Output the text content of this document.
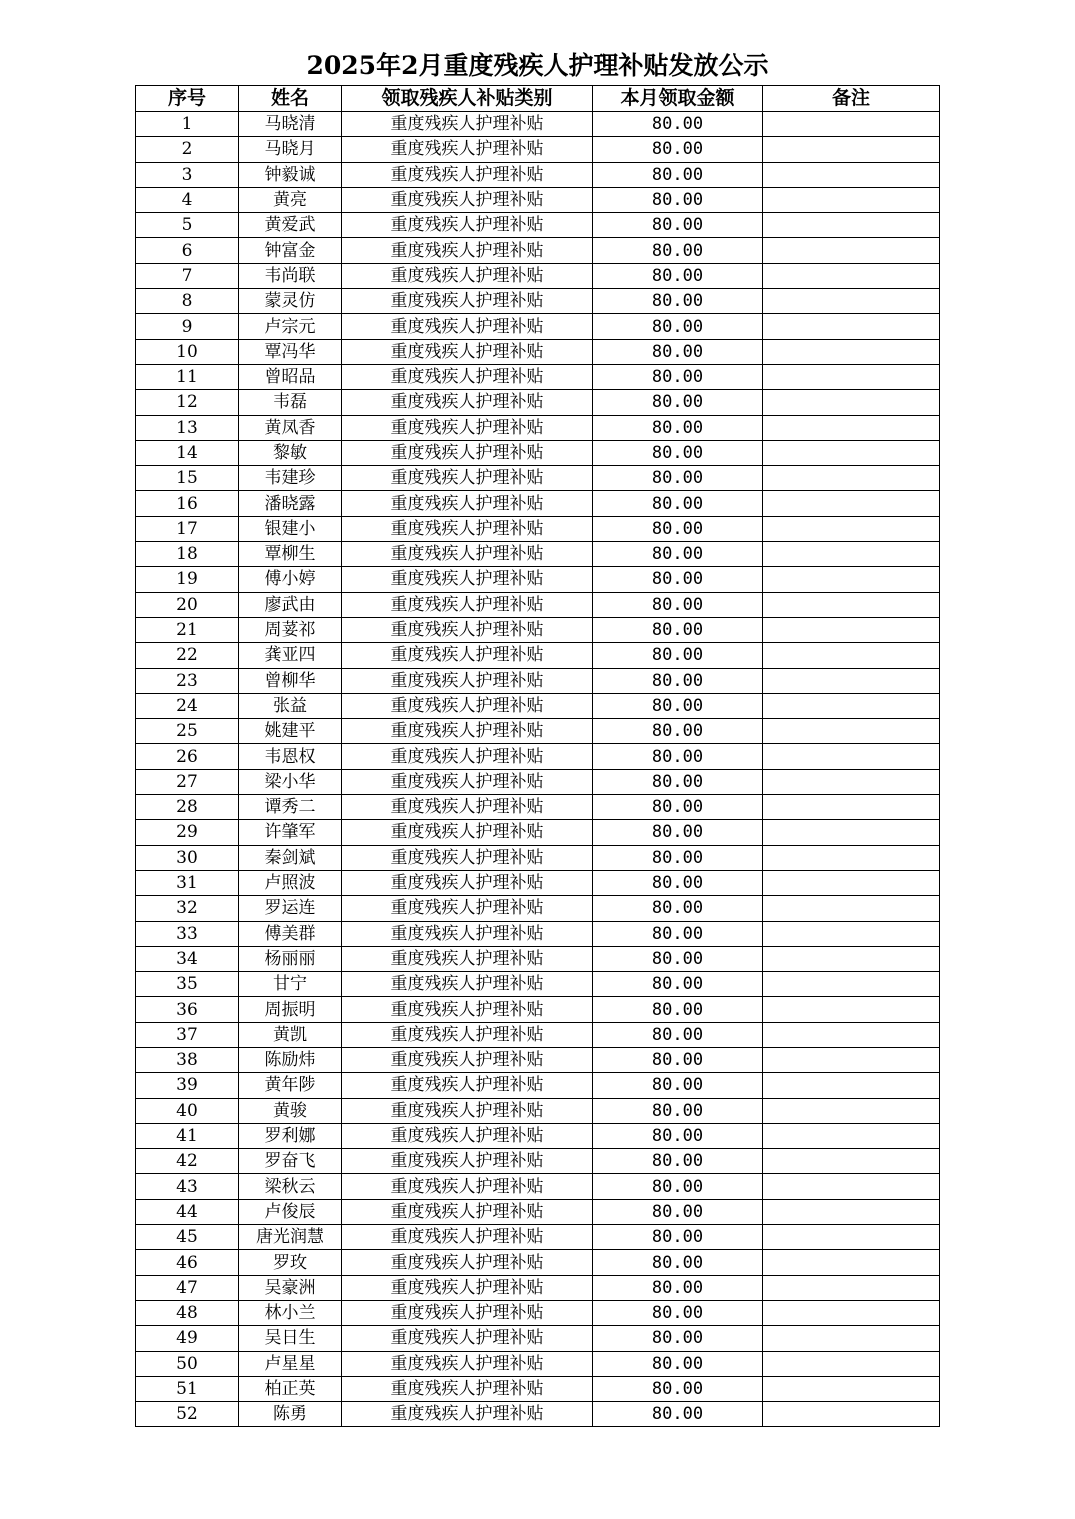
2025年2月重度残疾人护理补贴发放公示
序号	姓名	领取残疾人补贴类别	本月领取金额	备注
1	马晓清	重度残疾人护理补贴	80.00	
2	马晓月	重度残疾人护理补贴	80.00	
3	钟毅诚	重度残疾人护理补贴	80.00	
4	黄亮	重度残疾人护理补贴	80.00	
5	黄爱武	重度残疾人护理补贴	80.00	
6	钟富金	重度残疾人护理补贴	80.00	
7	韦尚联	重度残疾人护理补贴	80.00	
8	蒙灵仿	重度残疾人护理补贴	80.00	
9	卢宗元	重度残疾人护理补贴	80.00	
10	覃冯华	重度残疾人护理补贴	80.00	
11	曾昭品	重度残疾人护理补贴	80.00	
12	韦磊	重度残疾人护理补贴	80.00	
13	黄凤香	重度残疾人护理补贴	80.00	
14	黎敏	重度残疾人护理补贴	80.00	
15	韦建珍	重度残疾人护理补贴	80.00	
16	潘晓露	重度残疾人护理补贴	80.00	
17	银建小	重度残疾人护理补贴	80.00	
18	覃柳生	重度残疾人护理补贴	80.00	
19	傅小婷	重度残疾人护理补贴	80.00	
20	廖武由	重度残疾人护理补贴	80.00	
21	周荽祁	重度残疾人护理补贴	80.00	
22	龚亚四	重度残疾人护理补贴	80.00	
23	曾柳华	重度残疾人护理补贴	80.00	
24	张益	重度残疾人护理补贴	80.00	
25	姚建平	重度残疾人护理补贴	80.00	
26	韦恩权	重度残疾人护理补贴	80.00	
27	梁小华	重度残疾人护理补贴	80.00	
28	谭秀二	重度残疾人护理补贴	80.00	
29	许肇军	重度残疾人护理补贴	80.00	
30	秦剑斌	重度残疾人护理补贴	80.00	
31	卢照波	重度残疾人护理补贴	80.00	
32	罗运连	重度残疾人护理补贴	80.00	
33	傅美群	重度残疾人护理补贴	80.00	
34	杨丽丽	重度残疾人护理补贴	80.00	
35	甘宁	重度残疾人护理补贴	80.00	
36	周振明	重度残疾人护理补贴	80.00	
37	黄凯	重度残疾人护理补贴	80.00	
38	陈励炜	重度残疾人护理补贴	80.00	
39	黄年陟	重度残疾人护理补贴	80.00	
40	黄骏	重度残疾人护理补贴	80.00	
41	罗利娜	重度残疾人护理补贴	80.00	
42	罗奋飞	重度残疾人护理补贴	80.00	
43	梁秋云	重度残疾人护理补贴	80.00	
44	卢俊辰	重度残疾人护理补贴	80.00	
45	唐光润慧	重度残疾人护理补贴	80.00	
46	罗玫	重度残疾人护理补贴	80.00	
47	吴豪洲	重度残疾人护理补贴	80.00	
48	林小兰	重度残疾人护理补贴	80.00	
49	吴日生	重度残疾人护理补贴	80.00	
50	卢星星	重度残疾人护理补贴	80.00	
51	柏正英	重度残疾人护理补贴	80.00	
52	陈勇	重度残疾人护理补贴	80.00	
